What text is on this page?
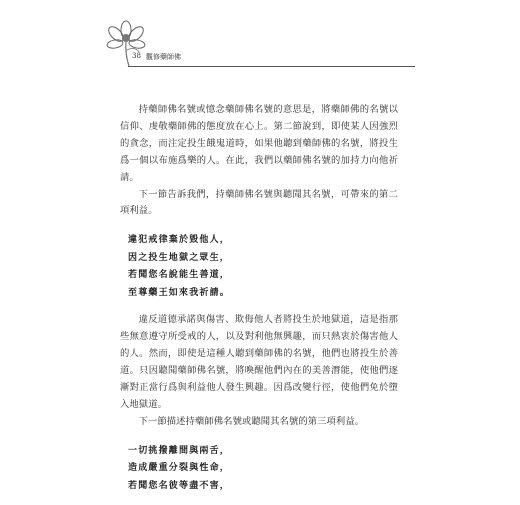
38 觀修藥師佛

持藥師佛名號或憶念藥師佛名號的意思是，將藥師佛的名號以信仰、虔敬藥師佛的態度放在心上。第二節說到，即使某人因強烈的貪念，而注定投生餓鬼道時，如果他聽到藥師佛的名號，將投生爲一個以布施爲樂的人。在此，我們以藥師佛名號的加持力向他祈請。

下一節告訴我們，持藥師佛名號與聽聞其名號，可帶來的第二項利益。

違犯戒律棄於毀他人，
因之投生地獄之眾生，
若聞您名說能生善道，
至尊藥王如來我祈請。

違反道德承諾與傷害、欺侮他人者將投生於地獄道，這是指那些無意遵守所受戒的人，以及對利他無興趣，而只熱衷於傷害他人的人。然而，即使是這種人聽到藥師佛的名號，他們也將投生於善道。只因聽聞藥師佛名號，將喚醒他們內在的美善潛能，使他們逐漸對正當行爲與利益他人發生興趣。因爲改變行徑，使他們免於墮入地獄道。

下一節描述持藥師佛名號或聽聞其名號的第三項利益。

一切挑撥離間與兩舌，
造成嚴重分裂與性命，
若聞您名彼等盡不害，
